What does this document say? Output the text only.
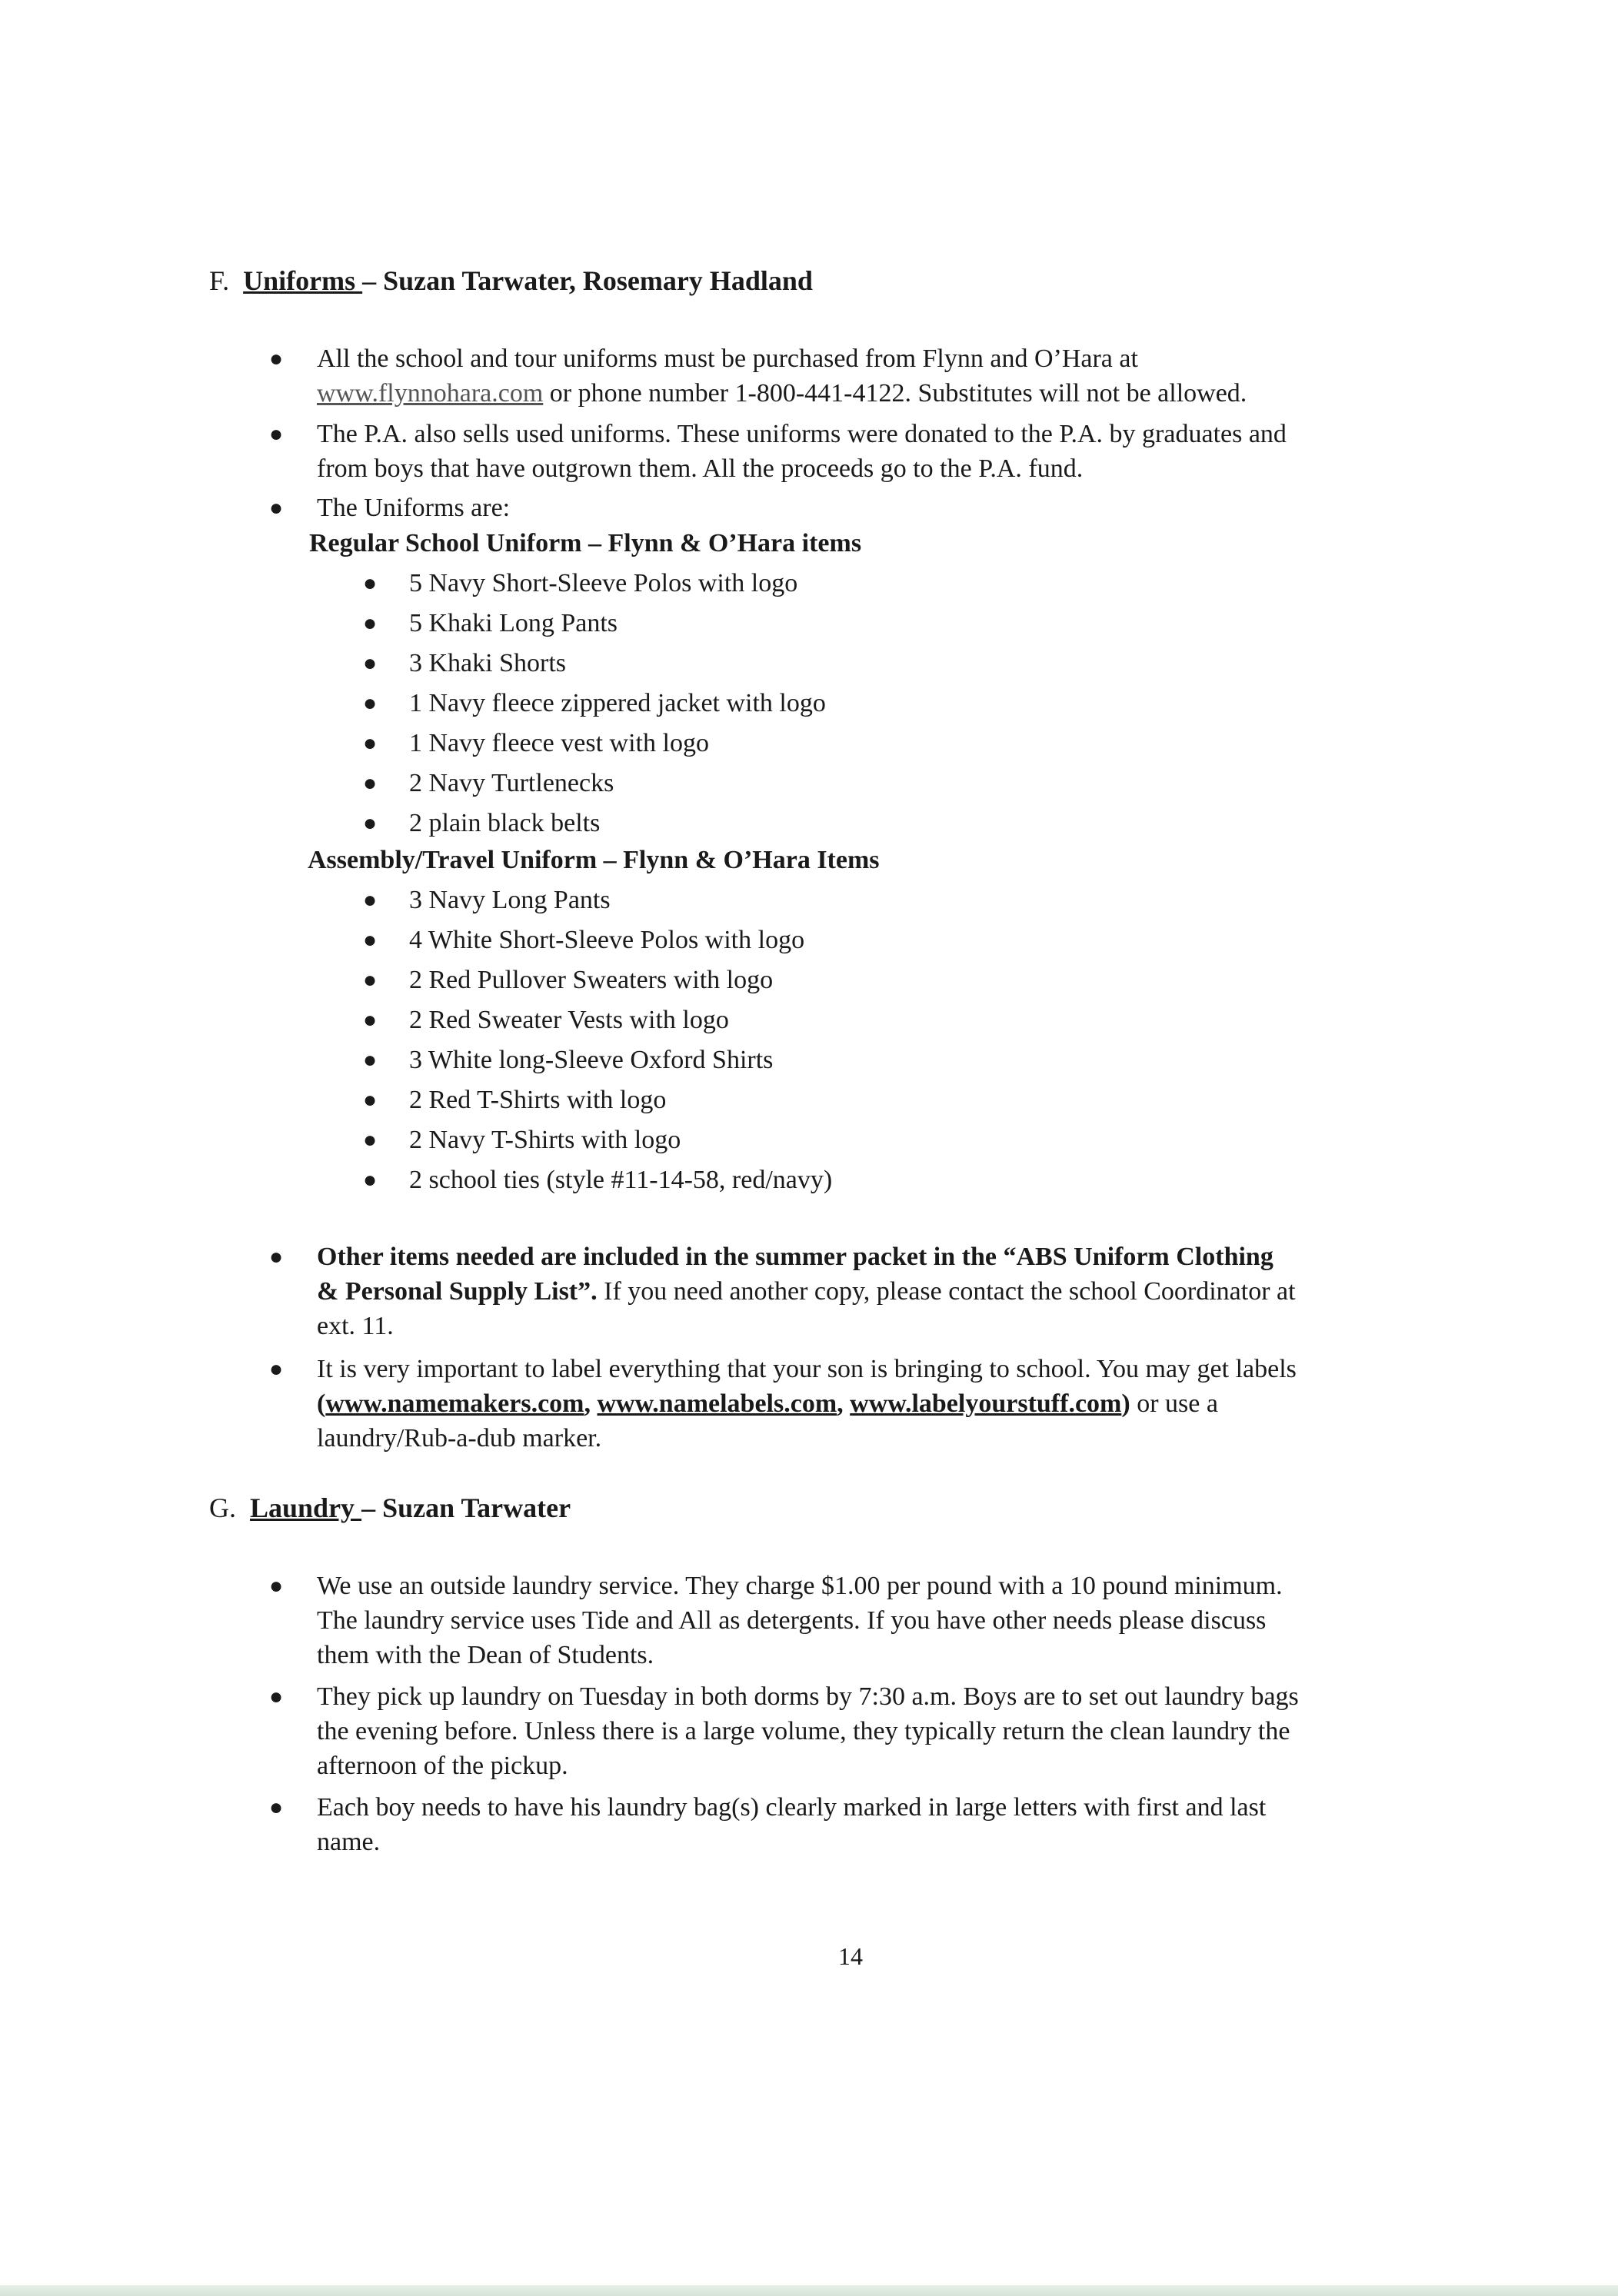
F. Uniforms – Suzan Tarwater, Rosemary Hadland
● All the school and tour uniforms must be purchased from Flynn and O’Hara at
www.flynnohara.com or phone number 1-800-441-4122. Substitutes will not be allowed.
● The P.A. also sells used uniforms. These uniforms were donated to the P.A. by graduates and
from boys that have outgrown them. All the proceeds go to the P.A. fund.
● The Uniforms are:
Regular School Uniform – Flynn & O’Hara items
● 5 Navy Short-Sleeve Polos with logo
● 5 Khaki Long Pants
● 3 Khaki Shorts
● 1 Navy fleece zippered jacket with logo
● 1 Navy fleece vest with logo
● 2 Navy Turtlenecks
● 2 plain black belts
Assembly/Travel Uniform – Flynn & O’Hara Items
● 3 Navy Long Pants
● 4 White Short-Sleeve Polos with logo
● 2 Red Pullover Sweaters with logo
● 2 Red Sweater Vests with logo
● 3 White long-Sleeve Oxford Shirts
● 2 Red T-Shirts with logo
● 2 Navy T-Shirts with logo
● 2 school ties (style #11-14-58, red/navy)
● Other items needed are included in the summer packet in the “ABS Uniform Clothing
& Personal Supply List”. If you need another copy, please contact the school Coordinator at
ext. 11.
● It is very important to label everything that your son is bringing to school. You may get labels
(www.namemakers.com, www.namelabels.com, www.labelyourstuff.com) or use a
laundry/Rub-a-dub marker.
G. Laundry – Suzan Tarwater
● We use an outside laundry service. They charge $1.00 per pound with a 10 pound minimum.
The laundry service uses Tide and All as detergents. If you have other needs please discuss
them with the Dean of Students.
● They pick up laundry on Tuesday in both dorms by 7:30 a.m. Boys are to set out laundry bags
the evening before. Unless there is a large volume, they typically return the clean laundry the
afternoon of the pickup.
● Each boy needs to have his laundry bag(s) clearly marked in large letters with first and last
name.
14
